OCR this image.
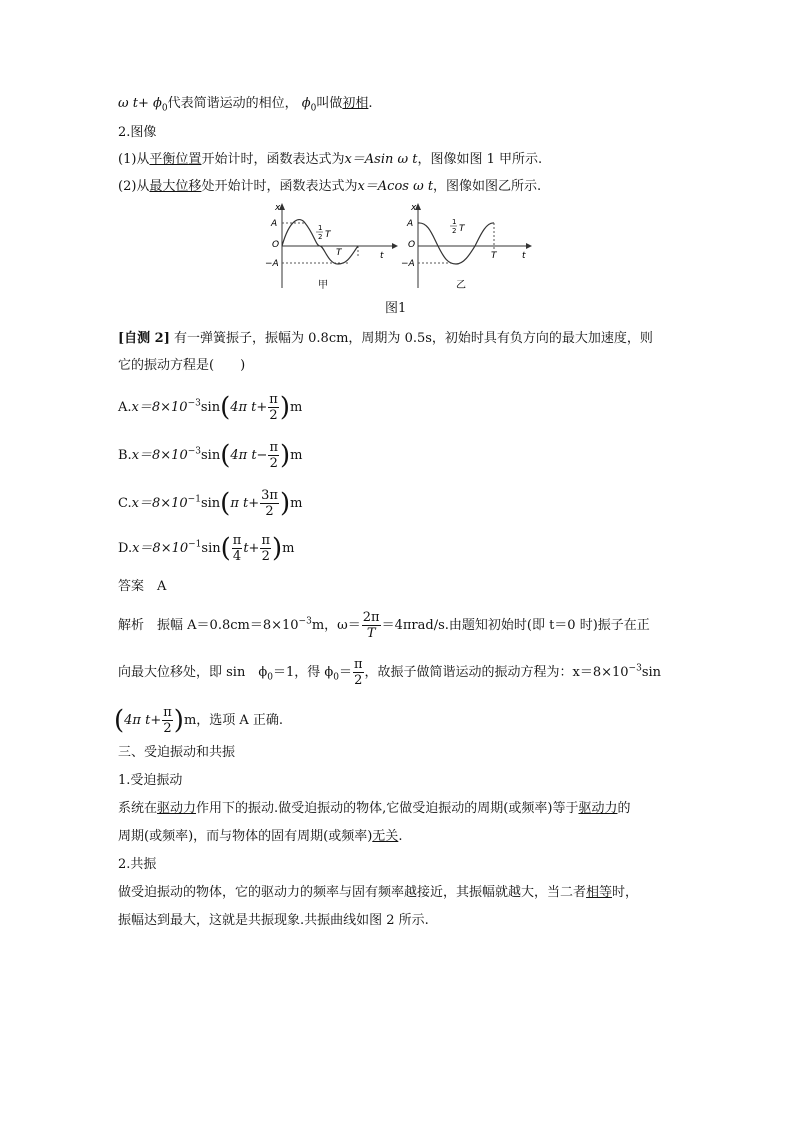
ω $t+ \phi_0$代表简谐运动的相位， $\phi_0$叫做初相.
2.图像
(1)从平衡位置开始计时，函数表达式为x＝Asin ω t，图像如图 1 甲所示.
(2)从最大位移处开始计时，函数表达式为x＝Acos ω t，图像如图乙所示.
x
A
O
−A
1
2 T
T	t
甲
x
A
O
−A
1
2 T
T	t
乙
图1
[自测 2] 有一弹簧振子，振幅为 0.8cm，周期为 0.5s，初始时具有负方向的最大加速度，则
它的振动方程是(　　)
$A.x=8\times 10^{-3}\sin(4\pi$ $t+ \frac{\pi}{2} )m$
$B.x=8\times 10^{-3}\sin(4\pi$ $t- \frac{\pi}{2} )m$
$C.x=8\times 10^{-1}\sin(\pi$ $t+ \frac{3\pi}{2} )m$
$D.x=8\times 10^{-1}\sin( \frac{\pi}{4} t+ \frac{\pi}{2} )m$
答案　 A
解析　 振幅 $A=0.8cm=8\times 10^{-3}m$，$\omega= \frac{2\pi}{T} =4\pi rad/s$.由题知初始时(即 t＝0 时)振子在正
向最大位移处，即 sin　$\phi_0=1$，得 $\phi_0= \frac{\pi}{2}$ ，故振子做简谐运动的振动方程为：$x=8\times 10^{-3}\sin$
(4π $t+ \frac{\pi}{2} )m$，选项 A 正确.
三、受迫振动和共振
1.受迫振动
系统在驱动力作用下的振动.做受迫振动的物体,它做受迫振动的周期(或频率)等于驱动力的
周期(或频率)，而与物体的固有周期(或频率)无关.
2.共振
做受迫振动的物体，它的驱动力的频率与固有频率越接近，其振幅就越大，当二者相等时，
振幅达到最大，这就是共振现象.共振曲线如图 2 所示.
